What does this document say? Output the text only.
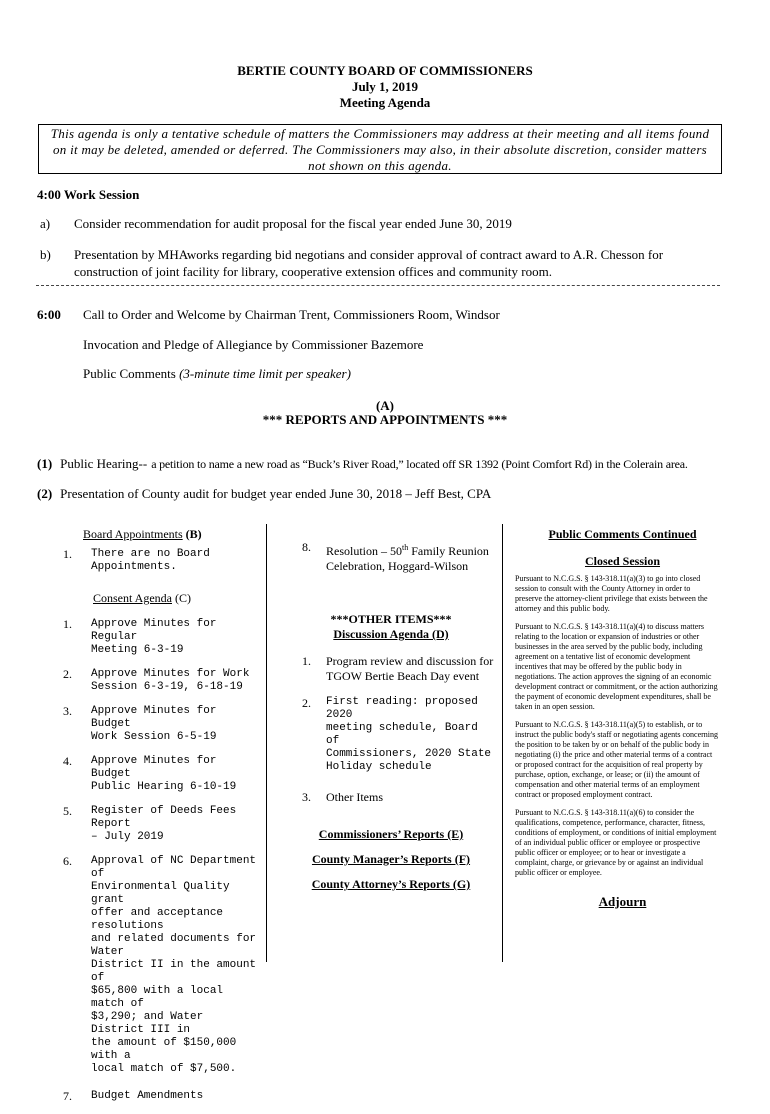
BERTIE COUNTY BOARD OF COMMISSIONERS
July 1, 2019
Meeting Agenda
This agenda is only a tentative schedule of matters the Commissioners may address at their meeting and all items found
on it may be deleted, amended or deferred. The Commissioners may also, in their absolute discretion, consider matters
not shown on this agenda.
4:00 Work Session
a) Consider recommendation for audit proposal for the fiscal year ended June 30, 2019
b) Presentation by MHAworks regarding bid negotians and consider approval of contract award to A.R. Chesson for
construction of joint facility for library, cooperative extension offices and community room.
6:00 Call to Order and Welcome by Chairman Trent, Commissioners Room, Windsor
Invocation and Pledge of Allegiance by Commissioner Bazemore
Public Comments (3-minute time limit per speaker)
(A)
*** REPORTS AND APPOINTMENTS ***
(1) Public Hearing-- a petition to name a new road as “Buck’s River Road,” located off SR 1392 (Point Comfort Rd) in the Colerain area.
(2) Presentation of County audit for budget year ended June 30, 2018 – Jeff Best, CPA
Board Appointments (B)
1.	There are no Board
Appointments.
Consent Agenda (C)
1.	Approve Minutes for Regular
Meeting 6-3-19
2.	Approve Minutes for Work
Session 6-3-19, 6-18-19
3.	Approve Minutes for Budget
Work Session 6-5-19
4.	Approve Minutes for Budget
Public Hearing 6-10-19
5.	Register of Deeds Fees Report
– July 2019
6.	Approval of NC Department of
Environmental Quality grant
offer and acceptance resolutions
and related documents for Water
District II in the amount of
$65,800 with a local match of
$3,290; and Water District III in
the amount of $150,000 with a
local match of $7,500.
7.	Budget Amendments
8.	Resolution – 50th Family Reunion
Celebration, Hoggard-Wilson
***OTHER ITEMS***
Discussion Agenda (D)
1.	Program review and discussion for
TGOW Bertie Beach Day event
2.	First reading: proposed 2020
meeting schedule, Board of
Commissioners, 2020 State
Holiday schedule
3.	Other Items
Commissioners’ Reports (E)
County Manager’s Reports (F)
County Attorney’s Reports (G)
Public Comments Continued
Closed Session
Pursuant to N.C.G.S. § 143-318.11(a)(3) to go into closed
session to consult with the County Attorney in order to
preserve the attorney-client privilege that exists between the
attorney and this public body.
Pursuant to N.C.G.S. § 143-318.11(a)(4) to discuss matters
relating to the location or expansion of industries or other
businesses in the area served by the public body, including
agreement on a tentative list of economic development
incentives that may be offered by the public body in
negotiations. The action approves the signing of an economic
development contract or commitment, or the action authorizing
the payment of economic development expenditures, shall be
taken in an open session.
Pursuant to N.C.G.S. § 143-318.11(a)(5) to establish, or to
instruct the public body's staff or negotiating agents concerning
the position to be taken by or on behalf of the public body in
negotiating (i) the price and other material terms of a contract
or proposed contract for the acquisition of real property by
purchase, option, exchange, or lease; or (ii) the amount of
compensation and other material terms of an employment
contract or proposed employment contract.
Pursuant to N.C.G.S. § 143-318.11(a)(6) to consider the
qualifications, competence, performance, character, fitness,
conditions of employment, or conditions of initial employment
of an individual public officer or employee or prospective
public officer or employee; or to hear or investigate a
complaint, charge, or grievance by or against an individual
public officer or employee.
Adjourn
